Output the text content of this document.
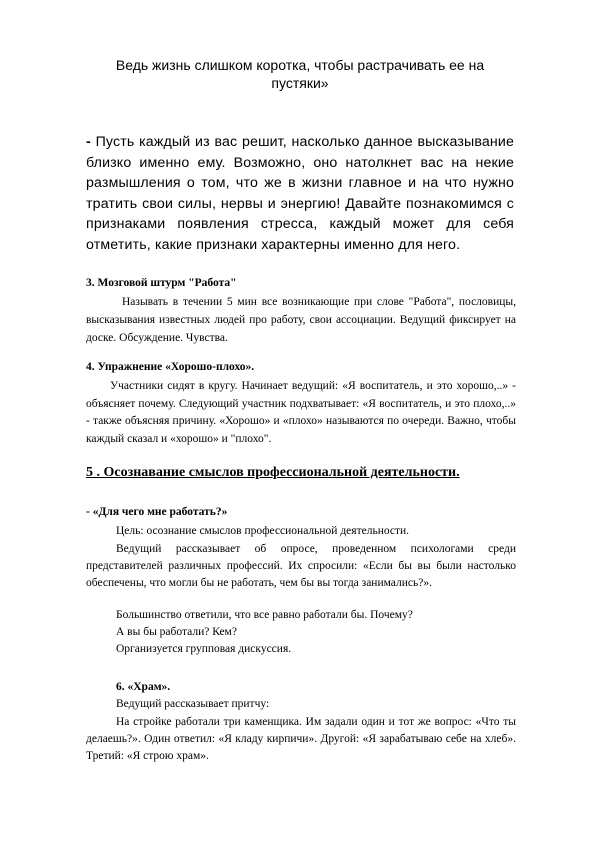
Ведь жизнь слишком коротка, чтобы растрачивать ее на пустяки»
- Пусть каждый из вас решит, насколько данное высказывание близко именно ему. Возможно, оно натолкнет вас на некие размышления о том, что же в жизни главное и на что нужно тратить свои силы, нервы и энергию! Давайте познакомимся с признаками появления стресса, каждый может для себя отметить, какие признаки характерны именно для него.
3. Мозговой штурм "Работа"
Называть в течении 5 мин все возникающие при слове "Работа", пословицы, высказывания известных людей про работу, свои ассоциации. Ведущий фиксирует на доске. Обсуждение. Чувства.
4. Упражнение «Хорошо-плохо».
Участники сидят в кругу. Начинает ведущий: «Я воспитатель, и это хорошо,..» - объясняет почему. Следующий участник подхватывает: «Я воспитатель, и это плохо,..» - также объясняя причину. «Хорошо» и «плохо» называются по очереди. Важно, чтобы каждый сказал и «хорошо» и "плохо".
5 . Осознавание смыслов профессиональной деятельности.
- «Для чего мне работать?»
Цель: осознание смыслов профессиональной деятельности.
Ведущий рассказывает об опросе, проведенном психологами среди представителей различных профессий. Их спросили: «Если бы вы были настолько обеспечены, что могли бы не работать, чем бы вы тогда занимались?».
Большинство ответили, что все равно работали бы. Почему?
А вы бы работали? Кем?
Организуется групповая дискуссия.
6. «Храм».
Ведущий рассказывает притчу:
На стройке работали три каменщика. Им задали один и тот же вопрос: «Что ты делаешь?». Один ответил: «Я кладу кирпичи». Другой: «Я зарабатываю себе на хлеб». Третий: «Я строю храм».
